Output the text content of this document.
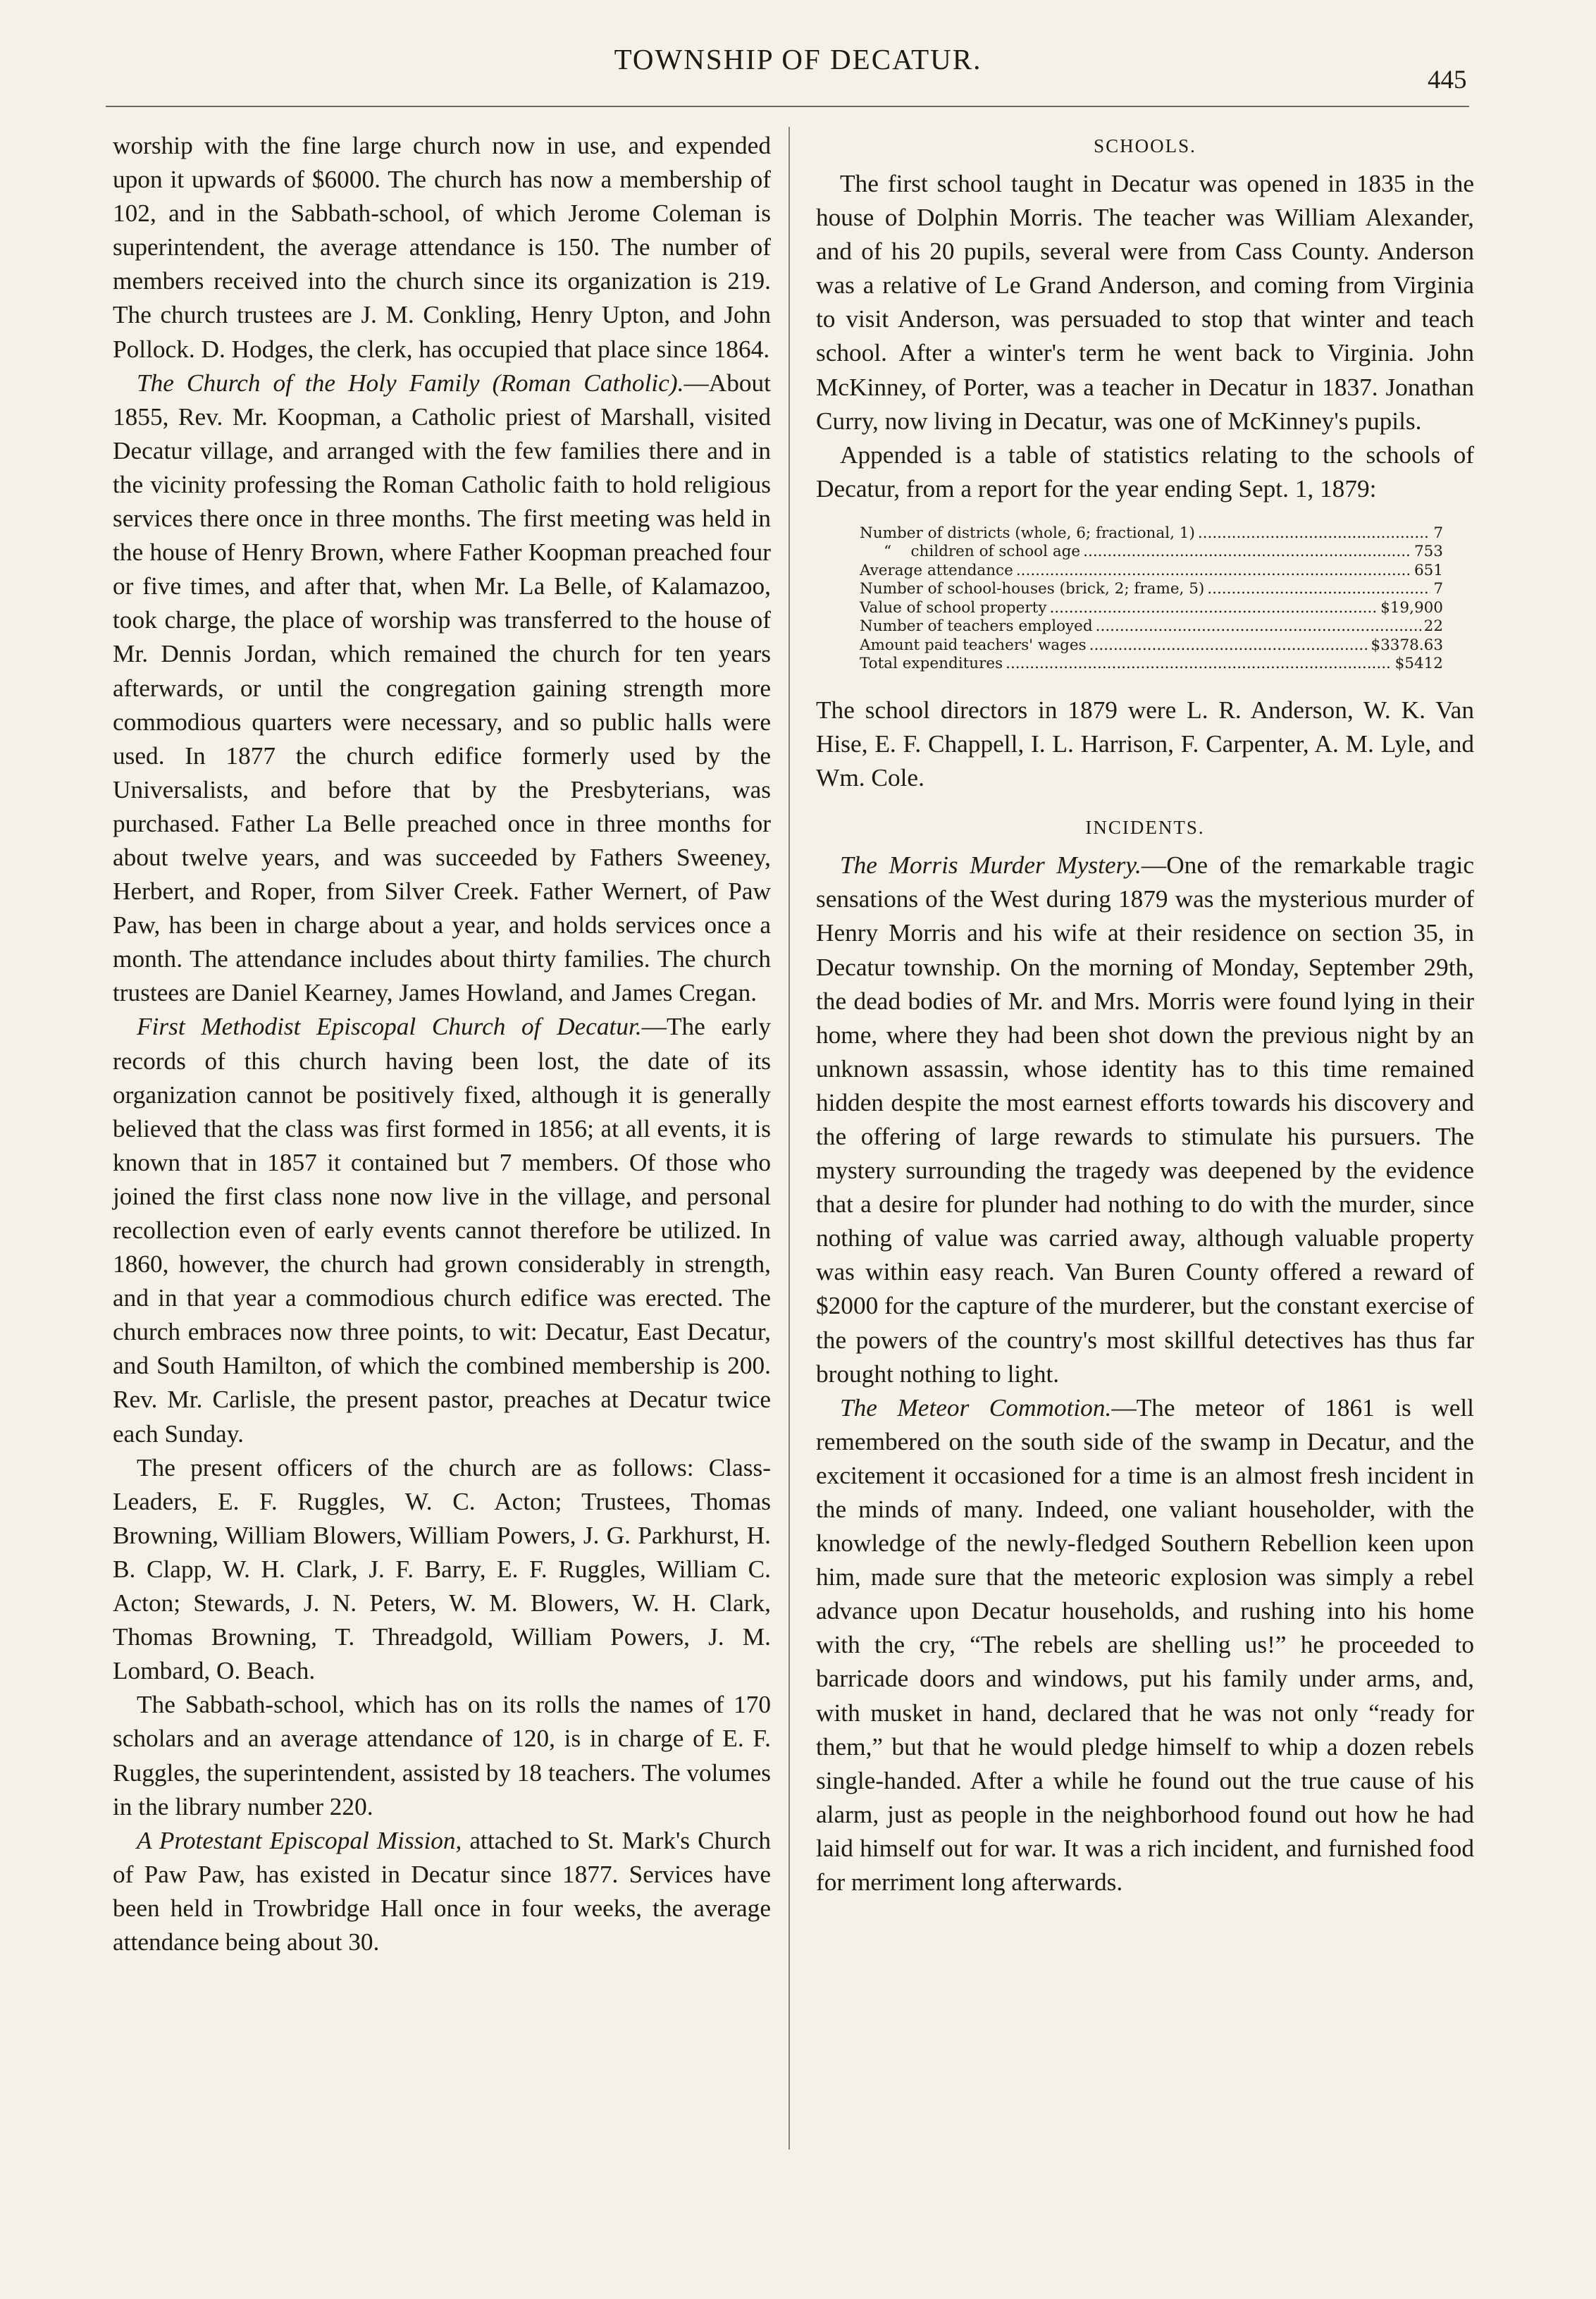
TOWNSHIP OF DECATUR.
445

worship with the fine large church now in use, and expended upon it upwards of $6000. The church has now a membership of 102, and in the Sabbath-school, of which Jerome Coleman is superintendent, the average attendance is 150. The number of members received into the church since its organization is 219. The church trustees are J. M. Conkling, Henry Upton, and John Pollock. D. Hodges, the clerk, has occupied that place since 1864.

The Church of the Holy Family (Roman Catholic).—About 1855, Rev. Mr. Koopman, a Catholic priest of Marshall, visited Decatur village, and arranged with the few families there and in the vicinity professing the Roman Catholic faith to hold religious services there once in three months. The first meeting was held in the house of Henry Brown, where Father Koopman preached four or five times, and after that, when Mr. La Belle, of Kalamazoo, took charge, the place of worship was transferred to the house of Mr. Dennis Jordan, which remained the church for ten years afterwards, or until the congregation gaining strength more commodious quarters were necessary, and so public halls were used. In 1877 the church edifice formerly used by the Universalists, and before that by the Presbyterians, was purchased. Father La Belle preached once in three months for about twelve years, and was succeeded by Fathers Sweeney, Herbert, and Roper, from Silver Creek. Father Wernert, of Paw Paw, has been in charge about a year, and holds services once a month. The attendance includes about thirty families. The church trustees are Daniel Kearney, James Howland, and James Cregan.

First Methodist Episcopal Church of Decatur.—The early records of this church having been lost, the date of its organization cannot be positively fixed, although it is generally believed that the class was first formed in 1856; at all events, it is known that in 1857 it contained but 7 members. Of those who joined the first class none now live in the village, and personal recollection even of early events cannot therefore be utilized. In 1860, however, the church had grown considerably in strength, and in that year a commodious church edifice was erected. The church embraces now three points, to wit: Decatur, East Decatur, and South Hamilton, of which the combined membership is 200. Rev. Mr. Carlisle, the present pastor, preaches at Decatur twice each Sunday.

The present officers of the church are as follows: Class-Leaders, E. F. Ruggles, W. C. Acton; Trustees, Thomas Browning, William Blowers, William Powers, J. G. Parkhurst, H. B. Clapp, W. H. Clark, J. F. Barry, E. F. Ruggles, William C. Acton; Stewards, J. N. Peters, W. M. Blowers, W. H. Clark, Thomas Browning, T. Threadgold, William Powers, J. M. Lombard, O. Beach.

The Sabbath-school, which has on its rolls the names of 170 scholars and an average attendance of 120, is in charge of E. F. Ruggles, the superintendent, assisted by 18 teachers. The volumes in the library number 220.

A Protestant Episcopal Mission, attached to St. Mark's Church of Paw Paw, has existed in Decatur since 1877. Services have been held in Trowbridge Hall once in four weeks, the average attendance being about 30.

SCHOOLS.

The first school taught in Decatur was opened in 1835 in the house of Dolphin Morris. The teacher was William Alexander, and of his 20 pupils, several were from Cass County. Anderson was a relative of Le Grand Anderson, and coming from Virginia to visit Anderson, was persuaded to stop that winter and teach school. After a winter's term he went back to Virginia. John McKinney, of Porter, was a teacher in Decatur in 1837. Jonathan Curry, now living in Decatur, was one of McKinney's pupils.

Appended is a table of statistics relating to the schools of Decatur, from a report for the year ending Sept. 1, 1879:

Number of districts (whole, 6; fractional, 1) .....	7
“    children of school age .....	753
Average attendance .....	651
Number of school-houses (brick, 2; frame, 5) .....	7
Value of school property .....	$19,900
Number of teachers employed .....	22
Amount paid teachers' wages .....	$3378.63
Total expenditures .....	$5412

The school directors in 1879 were L. R. Anderson, W. K. Van Hise, E. F. Chappell, I. L. Harrison, F. Carpenter, A. M. Lyle, and Wm. Cole.

INCIDENTS.

The Morris Murder Mystery.—One of the remarkable tragic sensations of the West during 1879 was the mysterious murder of Henry Morris and his wife at their residence on section 35, in Decatur township. On the morning of Monday, September 29th, the dead bodies of Mr. and Mrs. Morris were found lying in their home, where they had been shot down the previous night by an unknown assassin, whose identity has to this time remained hidden despite the most earnest efforts towards his discovery and the offering of large rewards to stimulate his pursuers. The mystery surrounding the tragedy was deepened by the evidence that a desire for plunder had nothing to do with the murder, since nothing of value was carried away, although valuable property was within easy reach. Van Buren County offered a reward of $2000 for the capture of the murderer, but the constant exercise of the powers of the country's most skillful detectives has thus far brought nothing to light.

The Meteor Commotion.—The meteor of 1861 is well remembered on the south side of the swamp in Decatur, and the excitement it occasioned for a time is an almost fresh incident in the minds of many. Indeed, one valiant householder, with the knowledge of the newly-fledged Southern Rebellion keen upon him, made sure that the meteoric explosion was simply a rebel advance upon Decatur households, and rushing into his home with the cry, “The rebels are shelling us!” he proceeded to barricade doors and windows, put his family under arms, and, with musket in hand, declared that he was not only “ready for them,” but that he would pledge himself to whip a dozen rebels single-handed. After a while he found out the true cause of his alarm, just as people in the neighborhood found out how he had laid himself out for war. It was a rich incident, and furnished food for merriment long afterwards.
